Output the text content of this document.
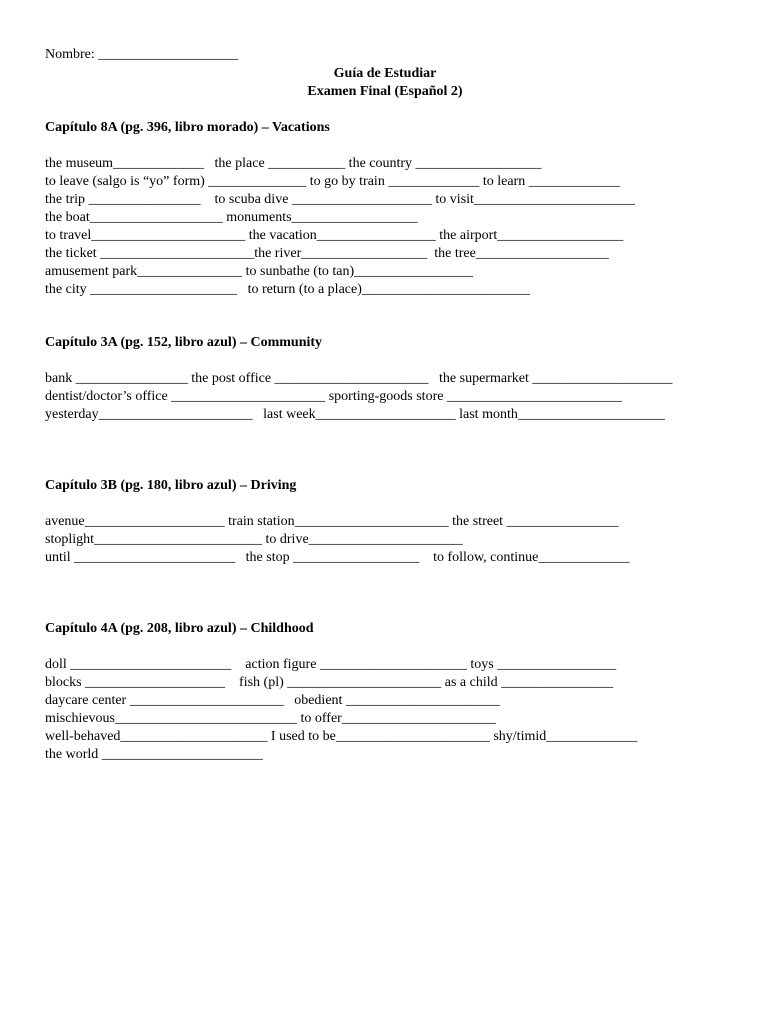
Nombre: ____________________
Guía de Estudiar
Examen Final (Español 2)
Capítulo 8A (pg. 396, libro morado) – Vacations
the museum_____________   the place ___________ the country __________________
to leave (salgo is “yo” form) ______________ to go by train _____________ to learn _____________
the trip ________________    to scuba dive ____________________ to visit_______________________
the boat___________________ monuments__________________
to travel______________________ the vacation_________________ the airport__________________
the ticket ______________________the river__________________  the tree___________________
amusement park_______________ to sunbathe (to tan)_________________
the city _____________________   to return (to a place)________________________
Capítulo 3A (pg. 152, libro azul) – Community
bank ________________ the post office ______________________   the supermarket ____________________
dentist/doctor’s office ______________________ sporting-goods store _________________________
yesterday______________________   last week____________________ last month_____________________
Capítulo 3B (pg. 180, libro azul) – Driving
avenue____________________ train station______________________ the street ________________
stoplight________________________ to drive______________________
until _______________________   the stop __________________    to follow, continue_____________
Capítulo 4A (pg. 208, libro azul) – Childhood
doll _______________________    action figure _____________________ toys _________________
blocks ____________________    fish (pl) ______________________ as a child ________________
daycare center ______________________   obedient ______________________
mischievous__________________________ to offer______________________
well-behaved_____________________ I used to be______________________ shy/timid_____________
the world _______________________
